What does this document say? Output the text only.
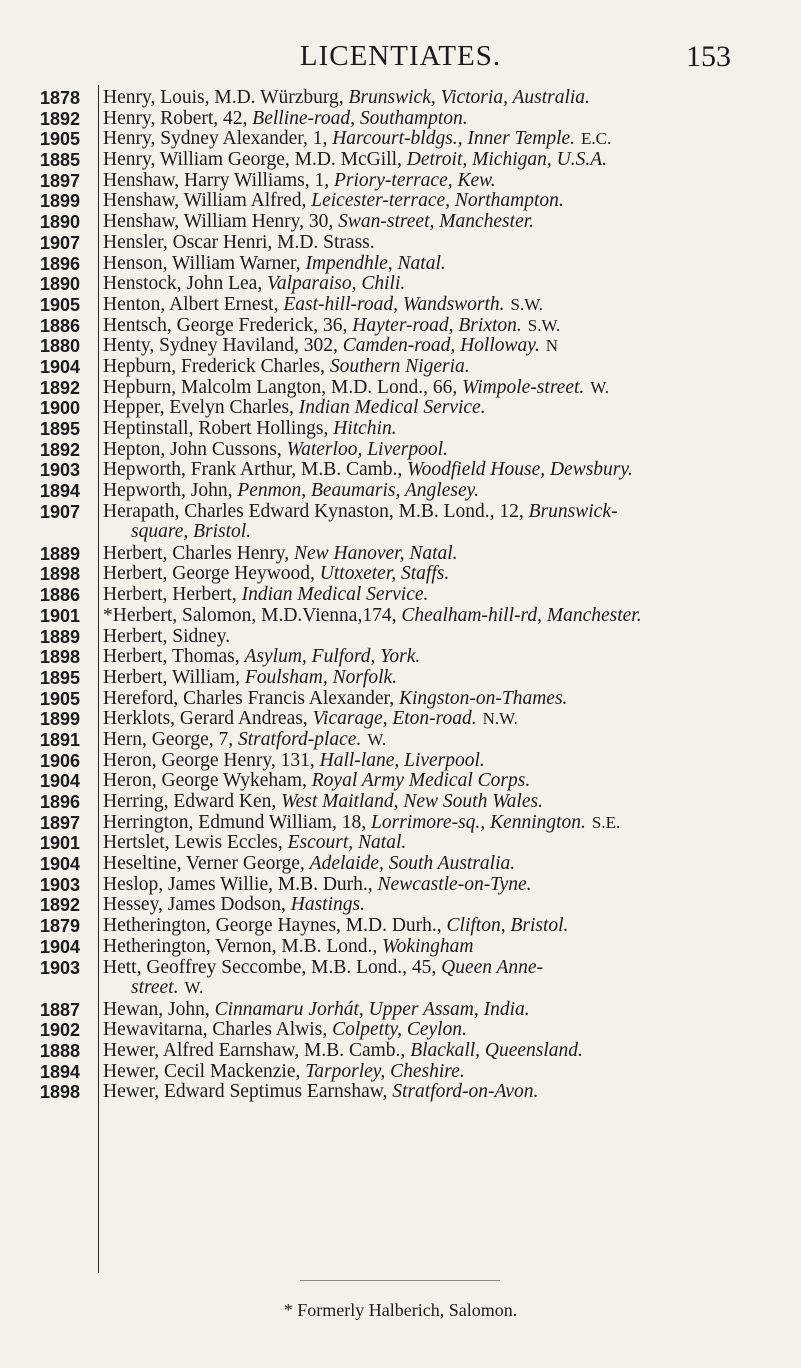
LICENTIATES.	153
1878	Henry, Louis, M.D. Würzburg, Brunswick, Victoria, Australia.
1892	Henry, Robert, 42, Belline-road, Southampton.
1905	Henry, Sydney Alexander, 1, Harcourt-bldgs., Inner Temple. E.C.
1885	Henry, William George, M.D. McGill, Detroit, Michigan, U.S.A.
1897	Henshaw, Harry Williams, 1, Priory-terrace, Kew.
1899	Henshaw, William Alfred, Leicester-terrace, Northampton.
1890	Henshaw, William Henry, 30, Swan-street, Manchester.
1907	Hensler, Oscar Henri, M.D. Strass.
1896	Henson, William Warner, Impendhle, Natal.
1890	Henstock, John Lea, Valparaiso, Chili.
1905	Henton, Albert Ernest, East-hill-road, Wandsworth. S.W.
1886	Hentsch, George Frederick, 36, Hayter-road, Brixton. S.W.
1880	Henty, Sydney Haviland, 302, Camden-road, Holloway. N
1904	Hepburn, Frederick Charles, Southern Nigeria.
1892	Hepburn, Malcolm Langton, M.D. Lond., 66, Wimpole-street. W.
1900	Hepper, Evelyn Charles, Indian Medical Service.
1895	Heptinstall, Robert Hollings, Hitchin.
1892	Hepton, John Cussons, Waterloo, Liverpool.
1903	Hepworth, Frank Arthur, M.B. Camb., Woodfield House, Dewsbury.
1894	Hepworth, John, Penmon, Beaumaris, Anglesey.
1907	Herapath, Charles Edward Kynaston, M.B. Lond., 12, Brunswick-
square, Bristol.
1889	Herbert, Charles Henry, New Hanover, Natal.
1898	Herbert, George Heywood, Uttoxeter, Staffs.
1886	Herbert, Herbert, Indian Medical Service.
1901	*Herbert, Salomon, M.D.Vienna,174, Chealham-hill-rd, Manchester.
1889	Herbert, Sidney.
1898	Herbert, Thomas, Asylum, Fulford, York.
1895	Herbert, William, Foulsham, Norfolk.
1905	Hereford, Charles Francis Alexander, Kingston-on-Thames.
1899	Herklots, Gerard Andreas, Vicarage, Eton-road. N.W.
1891	Hern, George, 7, Stratford-place. W.
1906	Heron, George Henry, 131, Hall-lane, Liverpool.
1904	Heron, George Wykeham, Royal Army Medical Corps.
1896	Herring, Edward Ken, West Maitland, New South Wales.
1897	Herrington, Edmund William, 18, Lorrimore-sq., Kennington. S.E.
1901	Hertslet, Lewis Eccles, Escourt, Natal.
1904	Heseltine, Verner George, Adelaide, South Australia.
1903	Heslop, James Willie, M.B. Durh., Newcastle-on-Tyne.
1892	Hessey, James Dodson, Hastings.
1879	Hetherington, George Haynes, M.D. Durh., Clifton, Bristol.
1904	Hetherington, Vernon, M.B. Lond., Wokingham
1903	Hett, Geoffrey Seccombe, M.B. Lond., 45, Queen Anne-
street. W.
1887	Hewan, John, Cinnamaru Jorhát, Upper Assam, India.
1902	Hewavitarna, Charles Alwis, Colpetty, Ceylon.
1888	Hewer, Alfred Earnshaw, M.B. Camb., Blackall, Queensland.
1894	Hewer, Cecil Mackenzie, Tarporley, Cheshire.
1898	Hewer, Edward Septimus Earnshaw, Stratford-on-Avon.
* Formerly Halberich, Salomon.
